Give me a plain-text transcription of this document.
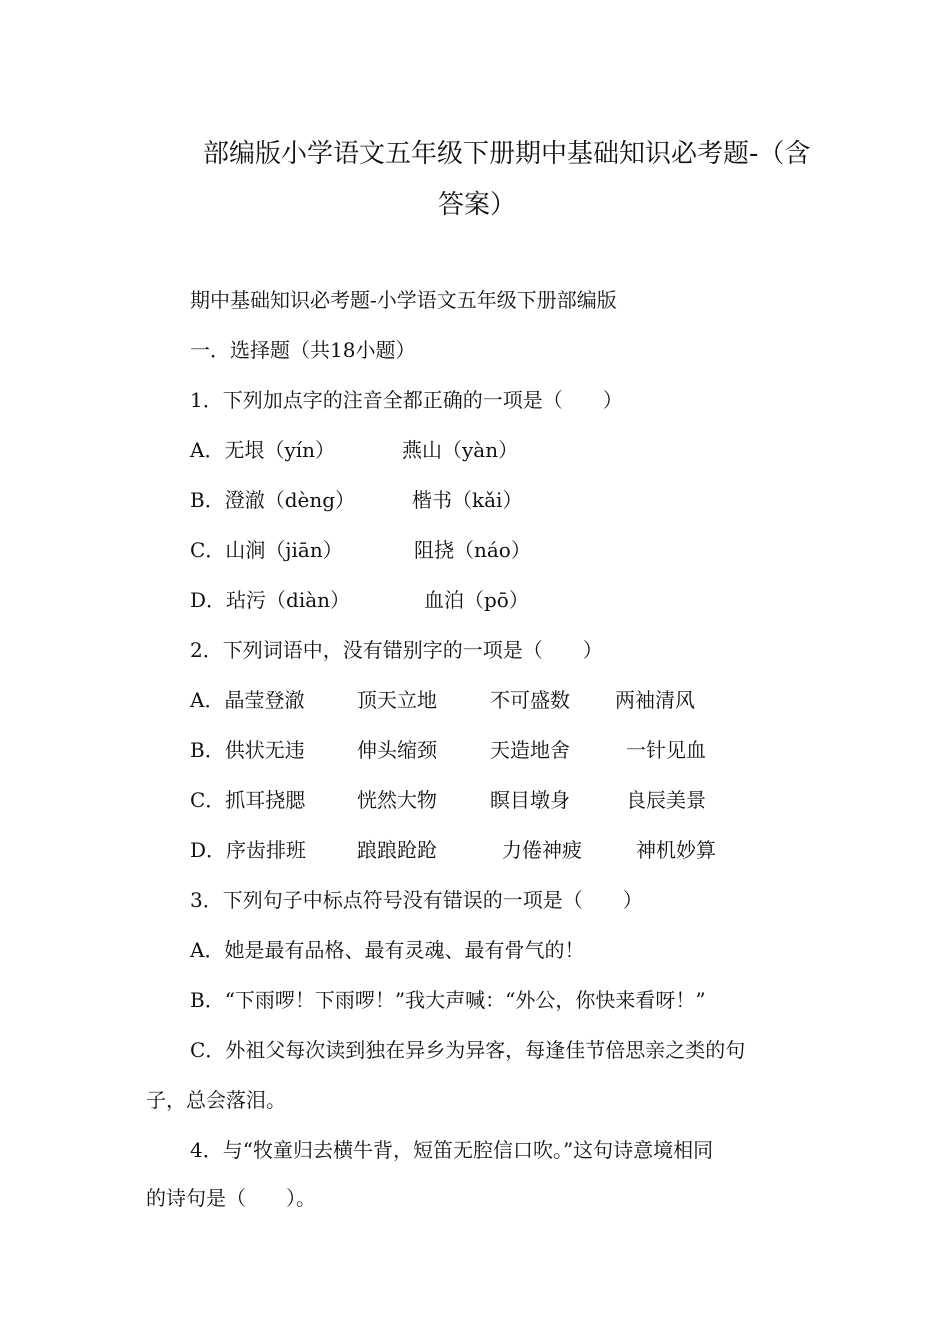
部编版小学语文五年级下册期中基础知识必考题-（含
答案）
期中基础知识必考题-小学语文五年级下册部编版
一．选择题（共18小题）
1．下列加点字的注音全都正确的一项是（　　）
A．无垠（yín）	燕山（yàn）
B．澄澈（dèng）	楷书（kǎi）
C．山涧（jiān）	阻挠（náo）
D．玷污（diàn）	血泊（pō）
2．下列词语中，没有错别字的一项是（　　）
A．晶莹登澈	顶天立地	不可盛数 两袖清风
B．供状无违	伸头缩颈	天造地舍	一针见血
C．抓耳挠腮	恍然大物	瞑目墩身	良辰美景
D．序齿排班	踉踉跄跄	力倦神疲	神机妙算
3．下列句子中标点符号没有错误的一项是（　　）
A．她是最有品格、最有灵魂、最有骨气的！
B．“下雨啰！下雨啰！”我大声喊：“外公，你快来看呀！”
C．外祖父每次读到独在异乡为异客，每逢佳节倍思亲之类的句
子，总会落泪。
4．与“牧童归去横牛背，短笛无腔信口吹。”这句诗意境相同
的诗句是（　　）。
